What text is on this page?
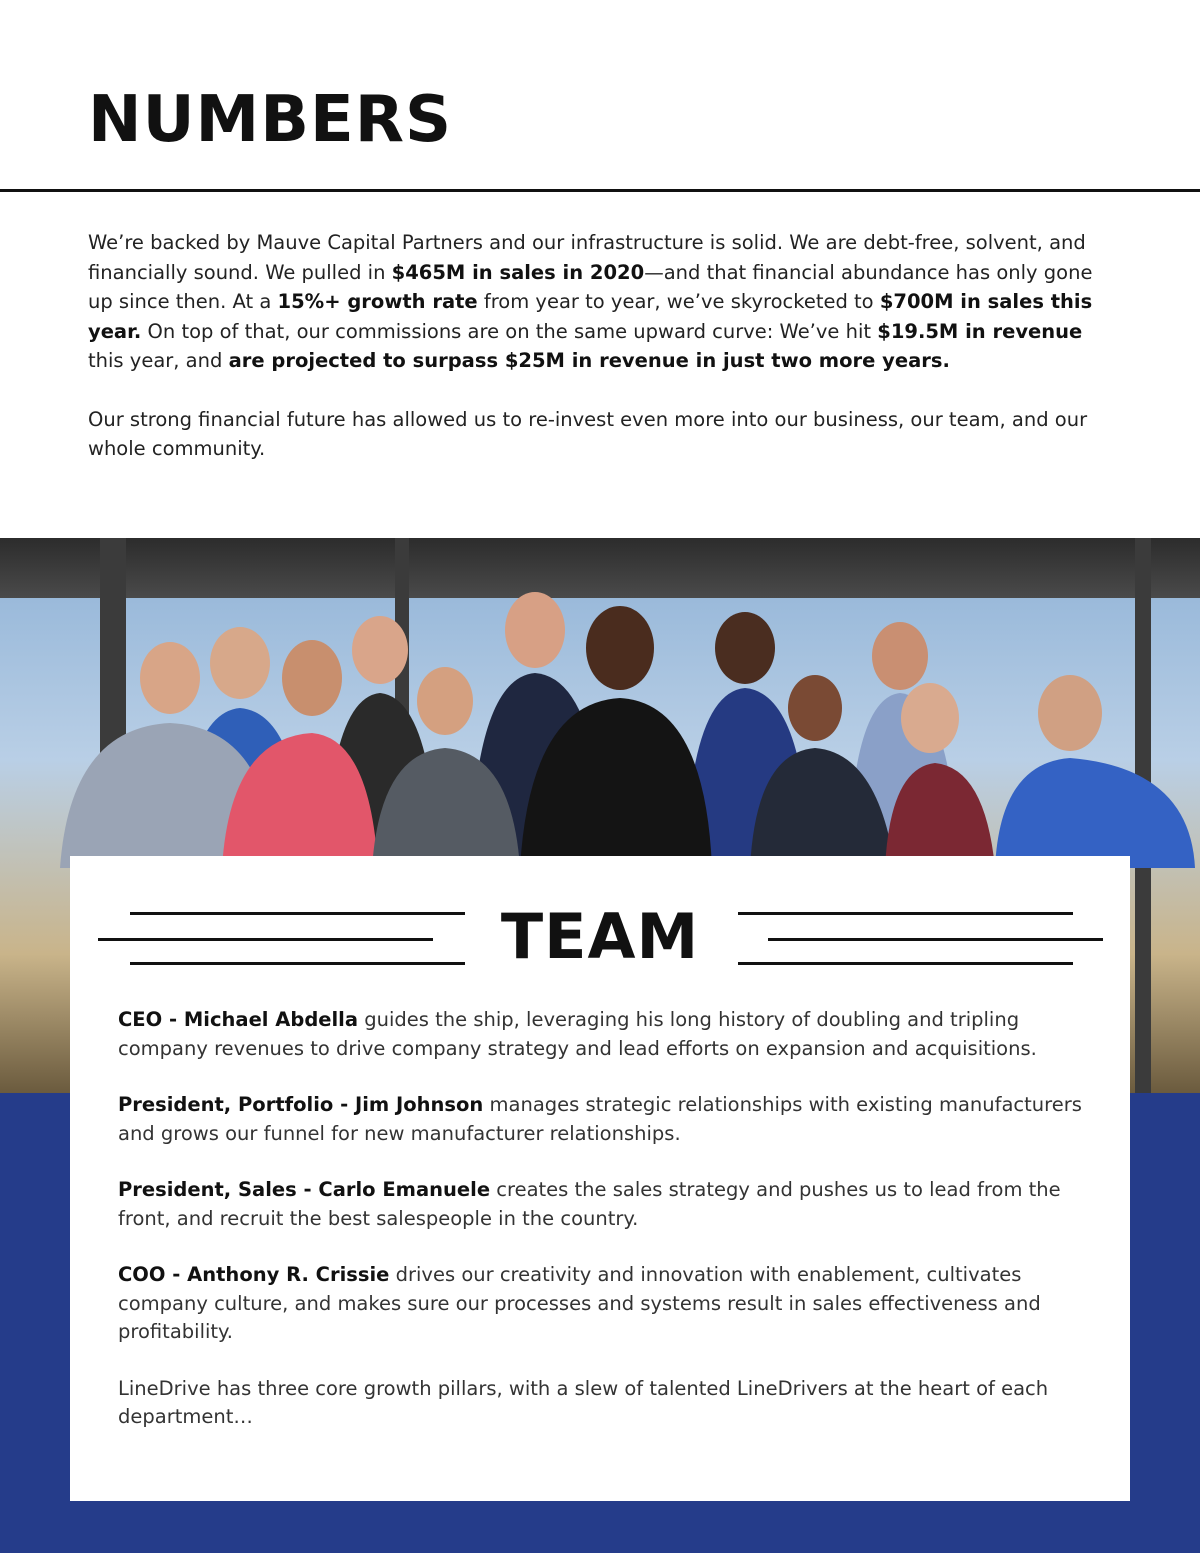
NUMBERS

We’re backed by Mauve Capital Partners and our infrastructure is solid. We are debt-free, solvent, and financially sound. We pulled in $465M in sales in 2020—and that financial abundance has only gone up since then. At a 15%+ growth rate from year to year, we’ve skyrocketed to $700M in sales this year. On top of that, our commissions are on the same upward curve: We’ve hit $19.5M in revenue this year, and are projected to surpass $25M in revenue in just two more years.

Our strong financial future has allowed us to re-invest even more into our business, our team, and our whole community.

TEAM

CEO - Michael Abdella guides the ship, leveraging his long history of doubling and tripling company revenues to drive company strategy and lead efforts on expansion and acquisitions.

President, Portfolio - Jim Johnson manages strategic relationships with existing manufacturers and grows our funnel for new manufacturer relationships.

President, Sales - Carlo Emanuele creates the sales strategy and pushes us to lead from the front, and recruit the best salespeople in the country.

COO - Anthony R. Crissie drives our creativity and innovation with enablement, cultivates company culture, and makes sure our processes and systems result in sales effectiveness and profitability.

LineDrive has three core growth pillars, with a slew of talented LineDrivers at the heart of each department…
